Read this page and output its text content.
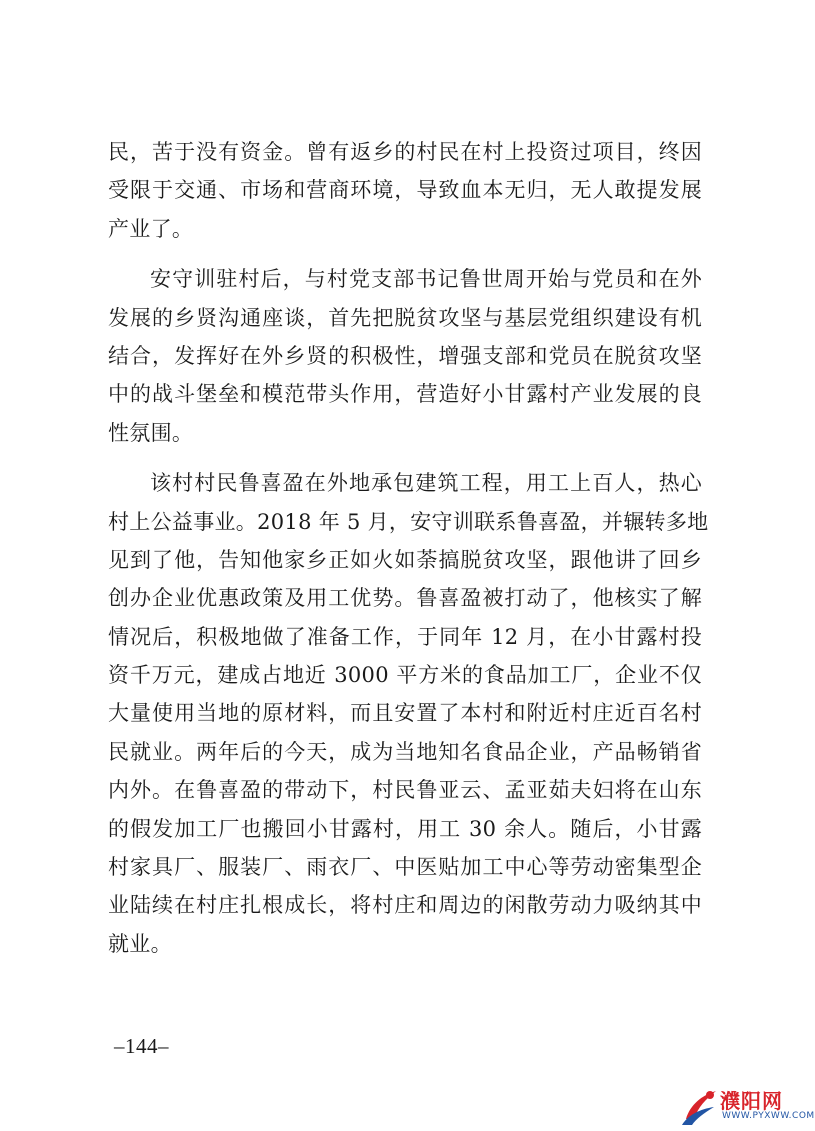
民，苦于没有资金。曾有返乡的村民在村上投资过项目，终因
受限于交通、市场和营商环境，导致血本无归，无人敢提发展
产业了。
安守训驻村后，与村党支部书记鲁世周开始与党员和在外
发展的乡贤沟通座谈，首先把脱贫攻坚与基层党组织建设有机
结合，发挥好在外乡贤的积极性，增强支部和党员在脱贫攻坚
中的战斗堡垒和模范带头作用，营造好小甘露村产业发展的良
性氛围。
该村村民鲁喜盈在外地承包建筑工程，用工上百人，热心
村上公益事业。2018 年 5 月，安守训联系鲁喜盈，并辗转多地
见到了他，告知他家乡正如火如荼搞脱贫攻坚，跟他讲了回乡
创办企业优惠政策及用工优势。鲁喜盈被打动了，他核实了解
情况后，积极地做了准备工作，于同年 12 月，在小甘露村投
资千万元，建成占地近 3000 平方米的食品加工厂，企业不仅
大量使用当地的原材料，而且安置了本村和附近村庄近百名村
民就业。两年后的今天，成为当地知名食品企业，产品畅销省
内外。在鲁喜盈的带动下，村民鲁亚云、孟亚茹夫妇将在山东
的假发加工厂也搬回小甘露村，用工 30 余人。随后，小甘露
村家具厂、服装厂、雨衣厂、中医贴加工中心等劳动密集型企
业陆续在村庄扎根成长，将村庄和周边的闲散劳动力吸纳其中
就业。
–144–
濮阳网
WWW.PYXWW.COM
